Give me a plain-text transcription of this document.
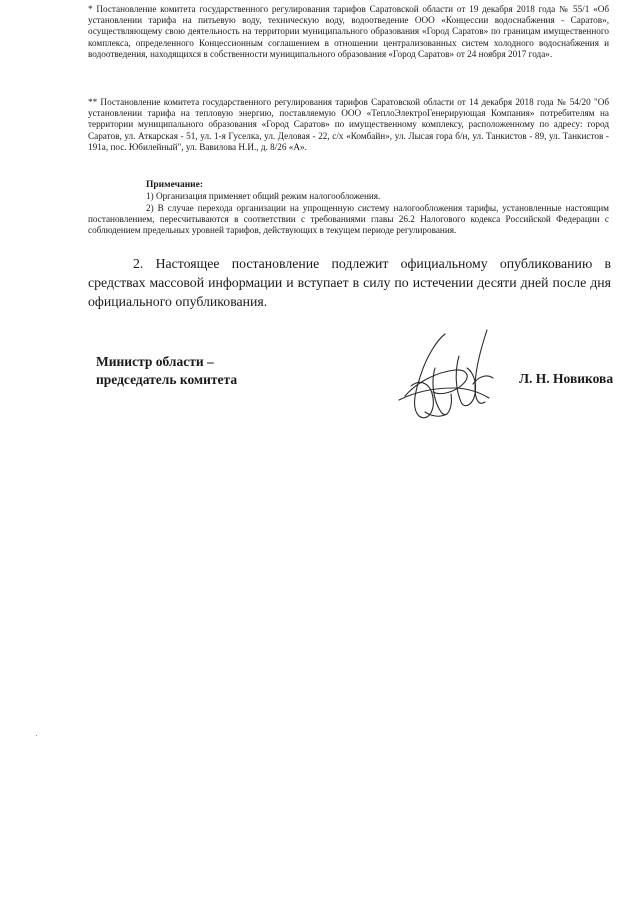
* Постановление комитета государственного регулирования тарифов Саратовской области от 19 декабря 2018 года № 55/1 «Об установлении тарифа на питьевую воду, техническую воду, водоотведение ООО «Концессии водоснабжения - Саратов», осуществляющему свою деятельность на территории муниципального образования «Город Саратов» по границам имущественного комплекса, определенного Концессионным соглашением в отношении централизованных систем холодного водоснабжения и водоотведения, находящихся в собственности муниципального образования «Город Саратов» от 24 ноября 2017 года».
** Постановление комитета государственного регулирования тарифов Саратовской области от 14 декабря 2018 года № 54/20 "Об установлении тарифа на тепловую энергию, поставляемую ООО «ТеплоЭлектроГенерирующая Компания» потребителям на территории муниципального образования «Город Саратов» по имущественному комплексу, расположенному по адресу: город Саратов, ул. Аткарская - 51, ул. 1-я Гуселка, ул. Деловая - 22, с/х «Комбайн», ул. Лысая гора б/н, ул. Танкистов - 89, ул. Танкистов - 191а, пос. Юбилейный", ул. Вавилова Н.И., д. 8/26 «А».
Примечание:
1) Организация применяет общий режим налогообложения.
2) В случае перехода организации на упрощенную систему налогообложения тарифы, установленные настоящим постановлением, пересчитываются в соответствии с требованиями главы 26.2 Налогового кодекса Российской Федерации с соблюдением предельных уровней тарифов, действующих в текущем периоде регулирования.
2. Настоящее постановление подлежит официальному опубликованию в средствах массовой информации и вступает в силу по истечении десяти дней после дня официального опубликования.
Министр области –
председатель комитета	Л. Н. Новикова
